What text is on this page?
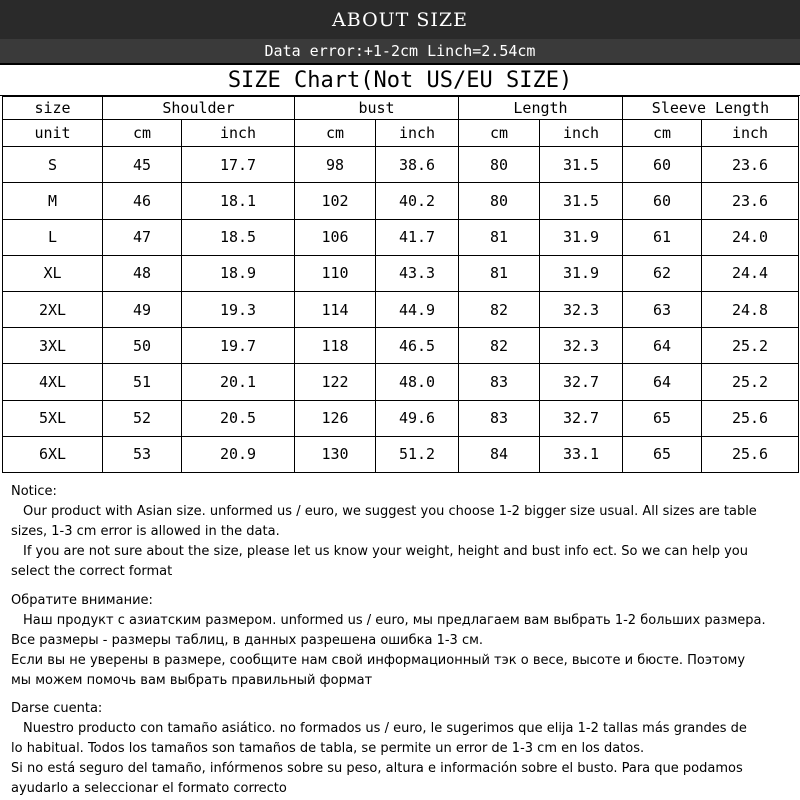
ABOUT SIZE
Data error:+1-2cm Linch=2.54cm
SIZE Chart(Not US/EU SIZE)
size	Shoulder		bust		Length		Sleeve Length	
unit	cm	inch	cm	inch	cm	inch	cm	inch
S	45	17.7	98	38.6	80	31.5	60	23.6
M	46	18.1	102	40.2	80	31.5	60	23.6
L	47	18.5	106	41.7	81	31.9	61	24.0
XL	48	18.9	110	43.3	81	31.9	62	24.4
2XL	49	19.3	114	44.9	82	32.3	63	24.8
3XL	50	19.7	118	46.5	82	32.3	64	25.2
4XL	51	20.1	122	48.0	83	32.7	64	25.2
5XL	52	20.5	126	49.6	83	32.7	65	25.6
6XL	53	20.9	130	51.2	84	33.1	65	25.6

Notice:

Our product with Asian size. unformed us / euro, we suggest you choose 1-2 bigger size usual. All sizes are table

sizes, 1-3 cm error is allowed in the data.

If you are not sure about the size, please let us know your weight, height and bust info ect. So we can help you

select the correct format

Обратите внимание:

Наш продукт с азиатским размером. unformed us / euro, мы предлагаем вам выбрать 1-2 больших размера.

Все размеры - размеры таблиц, в данных разрешена ошибка 1-3 см.

Если вы не уверены в размере, сообщите нам свой информационный тэк о весе, высоте и бюсте. Поэтому

мы можем помочь вам выбрать правильный формат

Darse cuenta:

Nuestro producto con tamaño asiático. no formados us / euro, le sugerimos que elija 1-2 tallas más grandes de

lo habitual. Todos los tamaños son tamaños de tabla, se permite un error de 1-3 cm en los datos.

Si no está seguro del tamaño, infórmenos sobre su peso, altura e información sobre el busto. Para que podamos

ayudarlo a seleccionar el formato correcto
